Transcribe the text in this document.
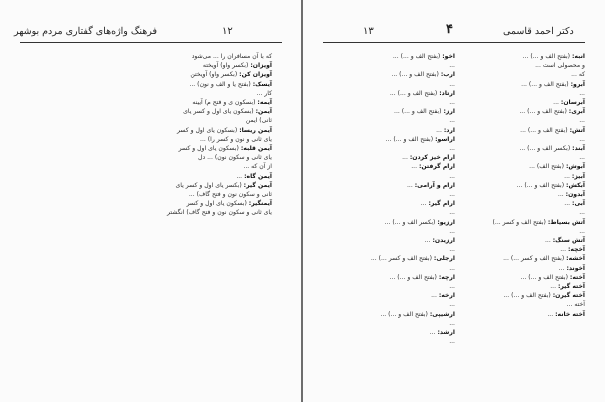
فرهنگ واژه‌های گفتاری مردم بوشهر	۱۲

که با آن مسافران را ... می‌شود

آویزان: (بکسر واو) آویخته

آویزان کن: (بکسر واو) آویختن

آیسک: (بفتح یا و الف و نون) ...

کار ...

آیمه: (بسکون ی و فتح م) آیینه

آیمن: (بسکون یای اول و کسر یای

ثانی) ایمن

آیمن ریسا: (بسکون یای اول و کسر

یای ثانی و نون و کسر را) ...

آیمن قلبه: (بسکون یای اول و کسر

یای ثانی و سکون نون) ... دل

از آن که ...

آیمن گاه: ...

آیمن گیر: (بکسر یای اول و کسر یای

ثانی و سکون نون و فتح گاف) ...

آیمنگیر: (بسکون یای اول و کسر

یای ثانی و سکون نون و فتح گاف) انگشتر

۱۳	۴	دکتر احمد قاسمی

اخو: (بفتح الف و ...) ...

...

ارب: (بفتح الف و ...) ...

...

ارتاد: (بفتح الف و ...) ...

...

ارز: (بفتح الف و ...) ...

...

ارد: ...

اراسو: (بفتح الف و ...) ...

...

ارام خیز کردن: ...

ارام گرفتن: ...

...

ارام و آرامی: ...

...

ارام گیر: ...

...

ارزیو: (بکسر الف و ...) ...

...

ارزیدن: ...

...

ارجلی: (بفتح الف و کسر ...) ...

...

ارچه: (بفتح الف و ...) ...

...

ارخه: ...

...

ارشیپی: (بفتح الف و ...) ...

...

ارشد: ...

...

انبه: (بفتح الف و ...) ...

و محصولی است ...

که ...

آبرو: (بفتح الف و ...) ...

...

آبرسان: ...

آبری: (بفتح الف و ...) ...

...

آتش: (بفتح الف و ...) ...

...

آبند: (بکسر الف و ...) ...

...

آبوش: (بفتح الف) ...

آبیز: ...

آبکش: (بفتح الف و ...) ...

آبدون: ...

آبی: ...

...

آتش بسیاط: (بفتح الف و کسر ...)

...

آتش سنگ: ...

آخچه: ...

آخشه: (بفتح الف و کسر ...) ...

آخوند: ...

آخته: (بفتح الف و ...) ...

آخته گیر: ...

آخته گیرن: (بفتح الف و ...) ...

آخته ...

آخته خانه: ...
